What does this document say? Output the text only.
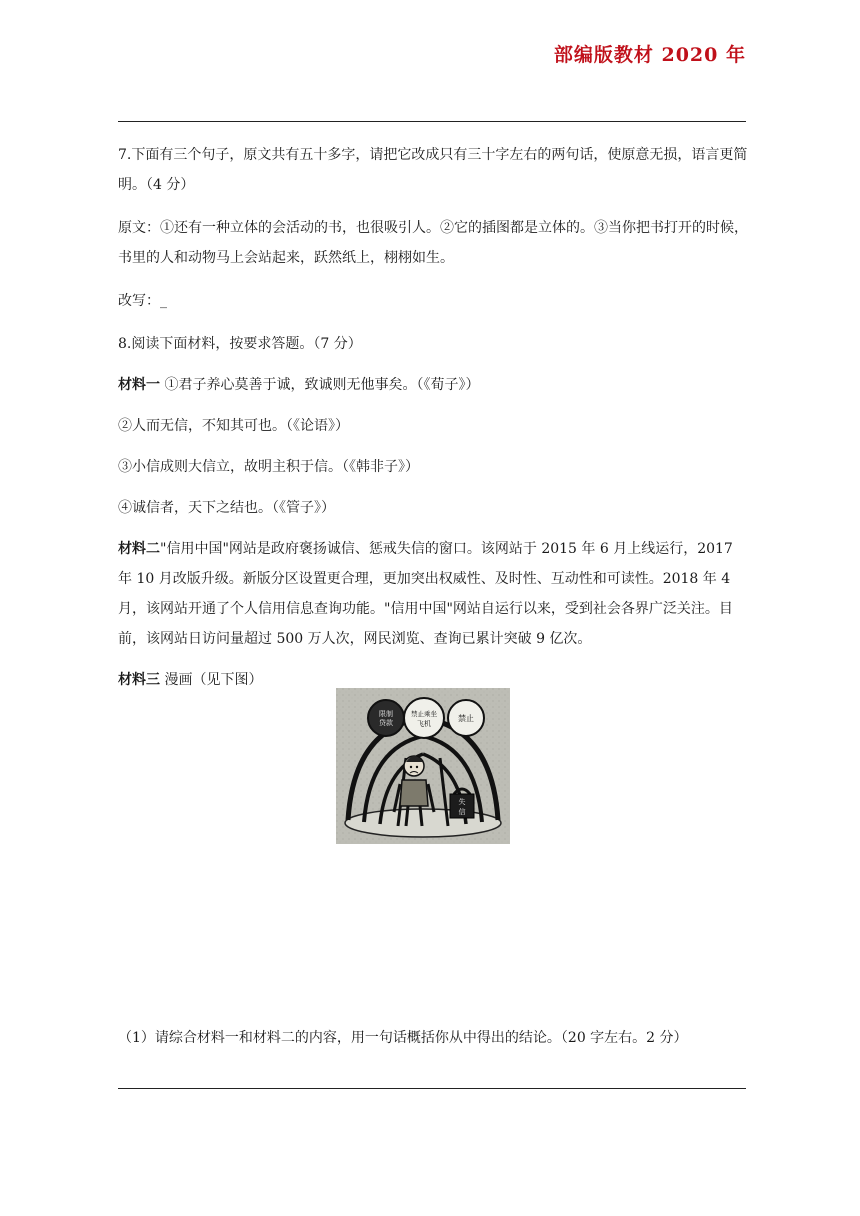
部编版教材 2020 年

7.下面有三个句子，原文共有五十多字，请把它改成只有三十字左右的两句话，使原意无损，语言更简明。（4 分）

原文：①还有一种立体的会活动的书，也很吸引人。②它的插图都是立体的。③当你把书打开的时候，书里的人和动物马上会站起来，跃然纸上，栩栩如生。

改写：_

8.阅读下面材料，按要求答题。（7 分）

材料一 ①君子养心莫善于诚，致诚则无他事矣。（《荀子》）

②人而无信，不知其可也。（《论语》）

③小信成则大信立，故明主积于信。（《韩非子》）

④诚信者，天下之结也。（《管子》）

材料二"信用中国"网站是政府褒扬诚信、惩戒失信的窗口。该网站于 2015 年 6 月上线运行，2017 年 10 月改版升级。新版分区设置更合理，更加突出权威性、及时性、互动性和可读性。2018 年 4 月，该网站开通了个人信用信息查询功能。"信用中国"网站自运行以来，受到社会各界广泛关注。目前，该网站日访问量超过 500 万人次，网民浏览、查询已累计突破 9 亿次。

材料三 漫画（见下图）

限制
贷款
禁止乘坐
飞机
禁止
失
信
（1）请综合材料一和材料二的内容，用一句话概括你从中得出的结论。（20 字左右。2 分）
